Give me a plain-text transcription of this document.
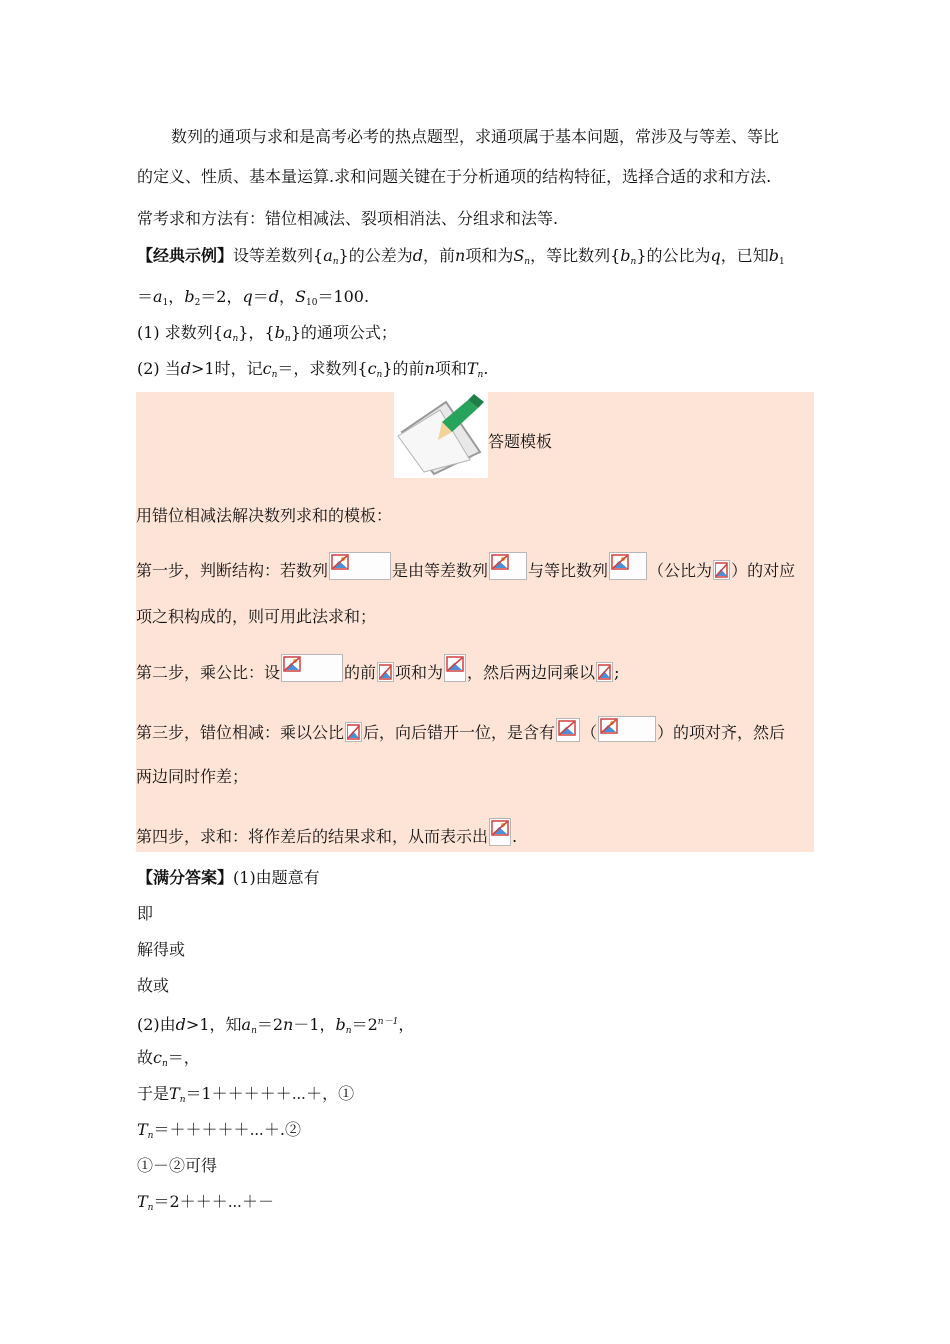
数列的通项与求和是高考必考的热点题型，求通项属于基本问题，常涉及与等差、等比
的定义、性质、基本量运算.求和问题关键在于分析通项的结构特征，选择合适的求和方法.
常考求和方法有：错位相减法、裂项相消法、分组求和法等.
【经典示例】设等差数列$\{a_n\}$的公差为d，前n项和为$S_n$，等比数列$\{b_n\}$的公比为q，已知$b_1$
$=a_1$，$b_2=2$，q＝d，$S_{10}=100$.
(1) 求数列$\{a_n\}$，$\{b_n\}$的通项公式；
(2) 当d>1时，记$c_n=$，求数列$\{c_n\}$的前n项和$T_n$.
答题模板
用错位相减法解决数列求和的模板：
第一步，判断结构：若数列	是由等差数列	与等比数列	（公比为 ）的对应
项之积构成的，则可用此法求和；
第二步，乘公比：设	的前 项和为 ，然后两边同乘以 ;
第三步，错位相减：乘以公比 后，向后错开一位，是含有 （	）的项对齐，然后
两边同时作差；
第四步，求和：将作差后的结果求和，从而表示出 .
【满分答案】(1)由题意有
即
解得或
故或
(2)由d>1，知$a_n=2n-1$，$b_n=2^{n-1}$，
故$c_n=$，
于是$T_n=1+++++\cdots+$，①
$T_n=+++++\cdots+.②$
①－②可得
$T_n=2+++\cdots+-$
